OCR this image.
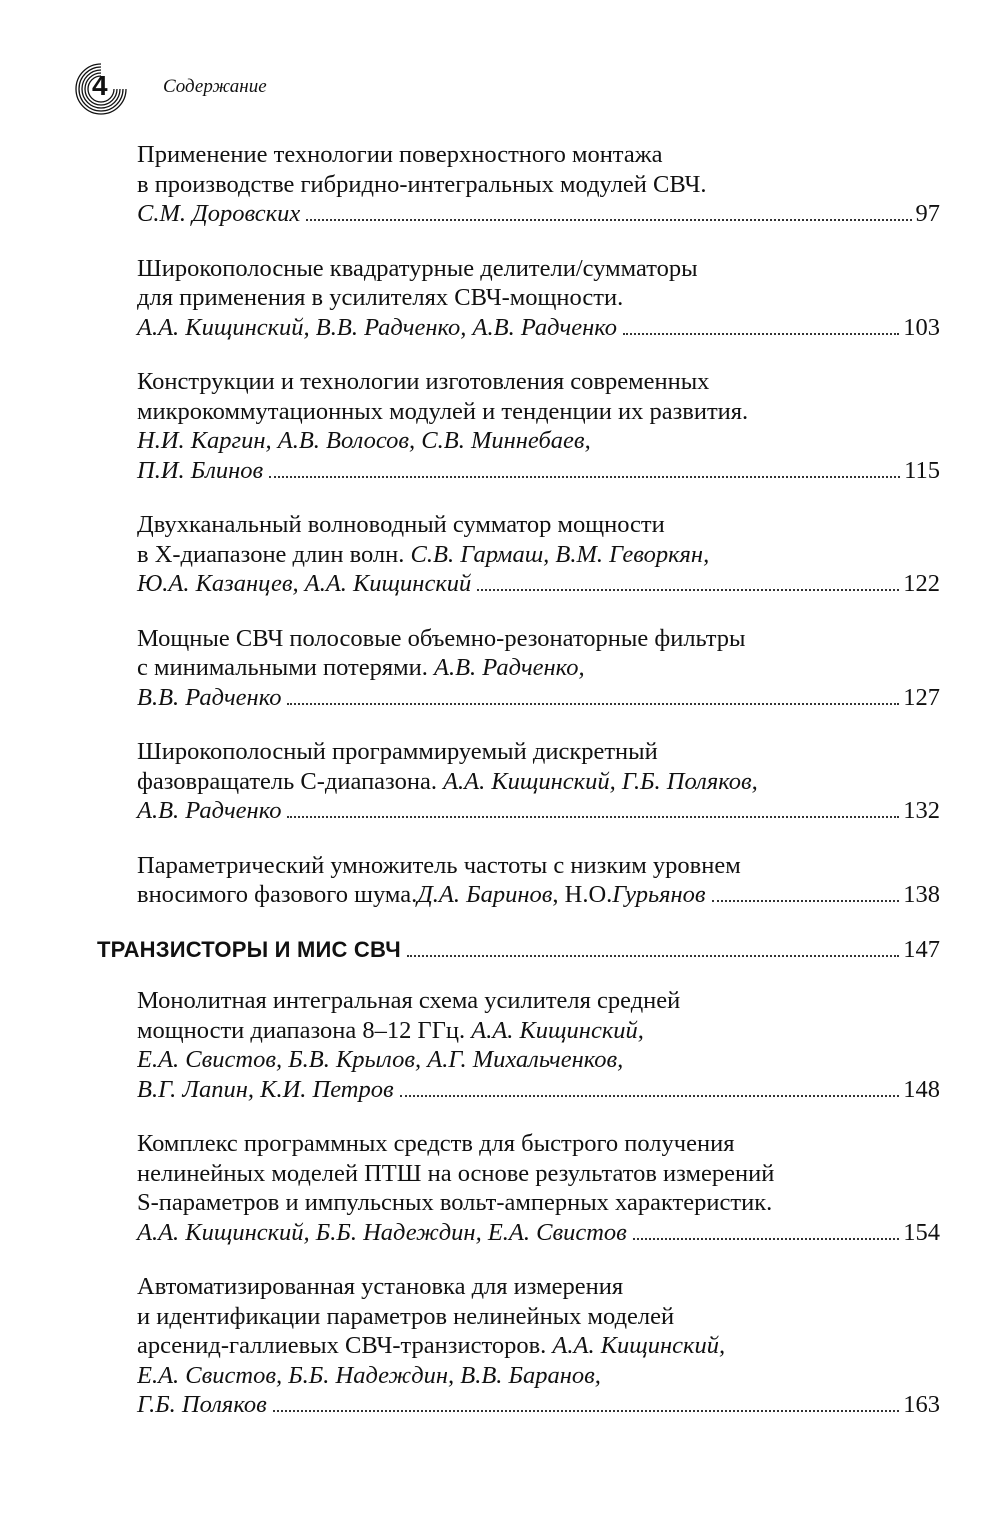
4	Содержание
Применение технологии поверхностного монтажа
в производстве гибридно-интегральных модулей СВЧ.
С.М. Доровских	97
Широкополосные квадратурные делители/сумматоры
для применения в усилителях СВЧ-мощности.
А.А. Кищинский, В.В. Радченко, А.В. Радченко	103
Конструкции и технологии изготовления современных
микрокоммутационных модулей и тенденции их развития.
Н.И. Каргин, А.В. Волосов, С.В. Миннебаев,
П.И. Блинов	115
Двухканальный волноводный сумматор мощности
в Х-диапазоне длин волн. С.В. Гармаш, В.М. Геворкян,
Ю.А. Казанцев, А.А. Кищинский	122
Мощные СВЧ полосовые объемно-резонаторные фильтры
с минимальными потерями. А.В. Радченко,
В.В. Радченко	127
Широкополосный программируемый дискретный
фазовращатель С-диапазона. А.А. Кищинский, Г.Б. Поляков,
А.В. Радченко	132
Параметрический умножитель частоты с низким уровнем
вносимого фазового шума. Д.А. Баринов , Н.О. Гурьянов	138
ТРАНЗИСТОРЫ И МИС СВЧ	147
Монолитная интегральная схема усилителя средней
мощности диапазона 8–12 ГГц. А.А. Кищинский,
Е.А. Свистов, Б.В. Крылов, А.Г. Михальченков,
В.Г. Лапин, К.И. Петров	148
Комплекс программных средств для быстрого получения
нелинейных моделей ПТШ на основе результатов измерений
S-параметров и импульсных вольт-амперных характеристик.
А.А. Кищинский, Б.Б. Надеждин, Е.А. Свистов	154
Автоматизированная установка для измерения
и идентификации параметров нелинейных моделей
арсенид-галлиевых СВЧ-транзисторов. А.А. Кищинский,
Е.А. Свистов, Б.Б. Надеждин, В.В. Баранов,
Г.Б. Поляков	163
